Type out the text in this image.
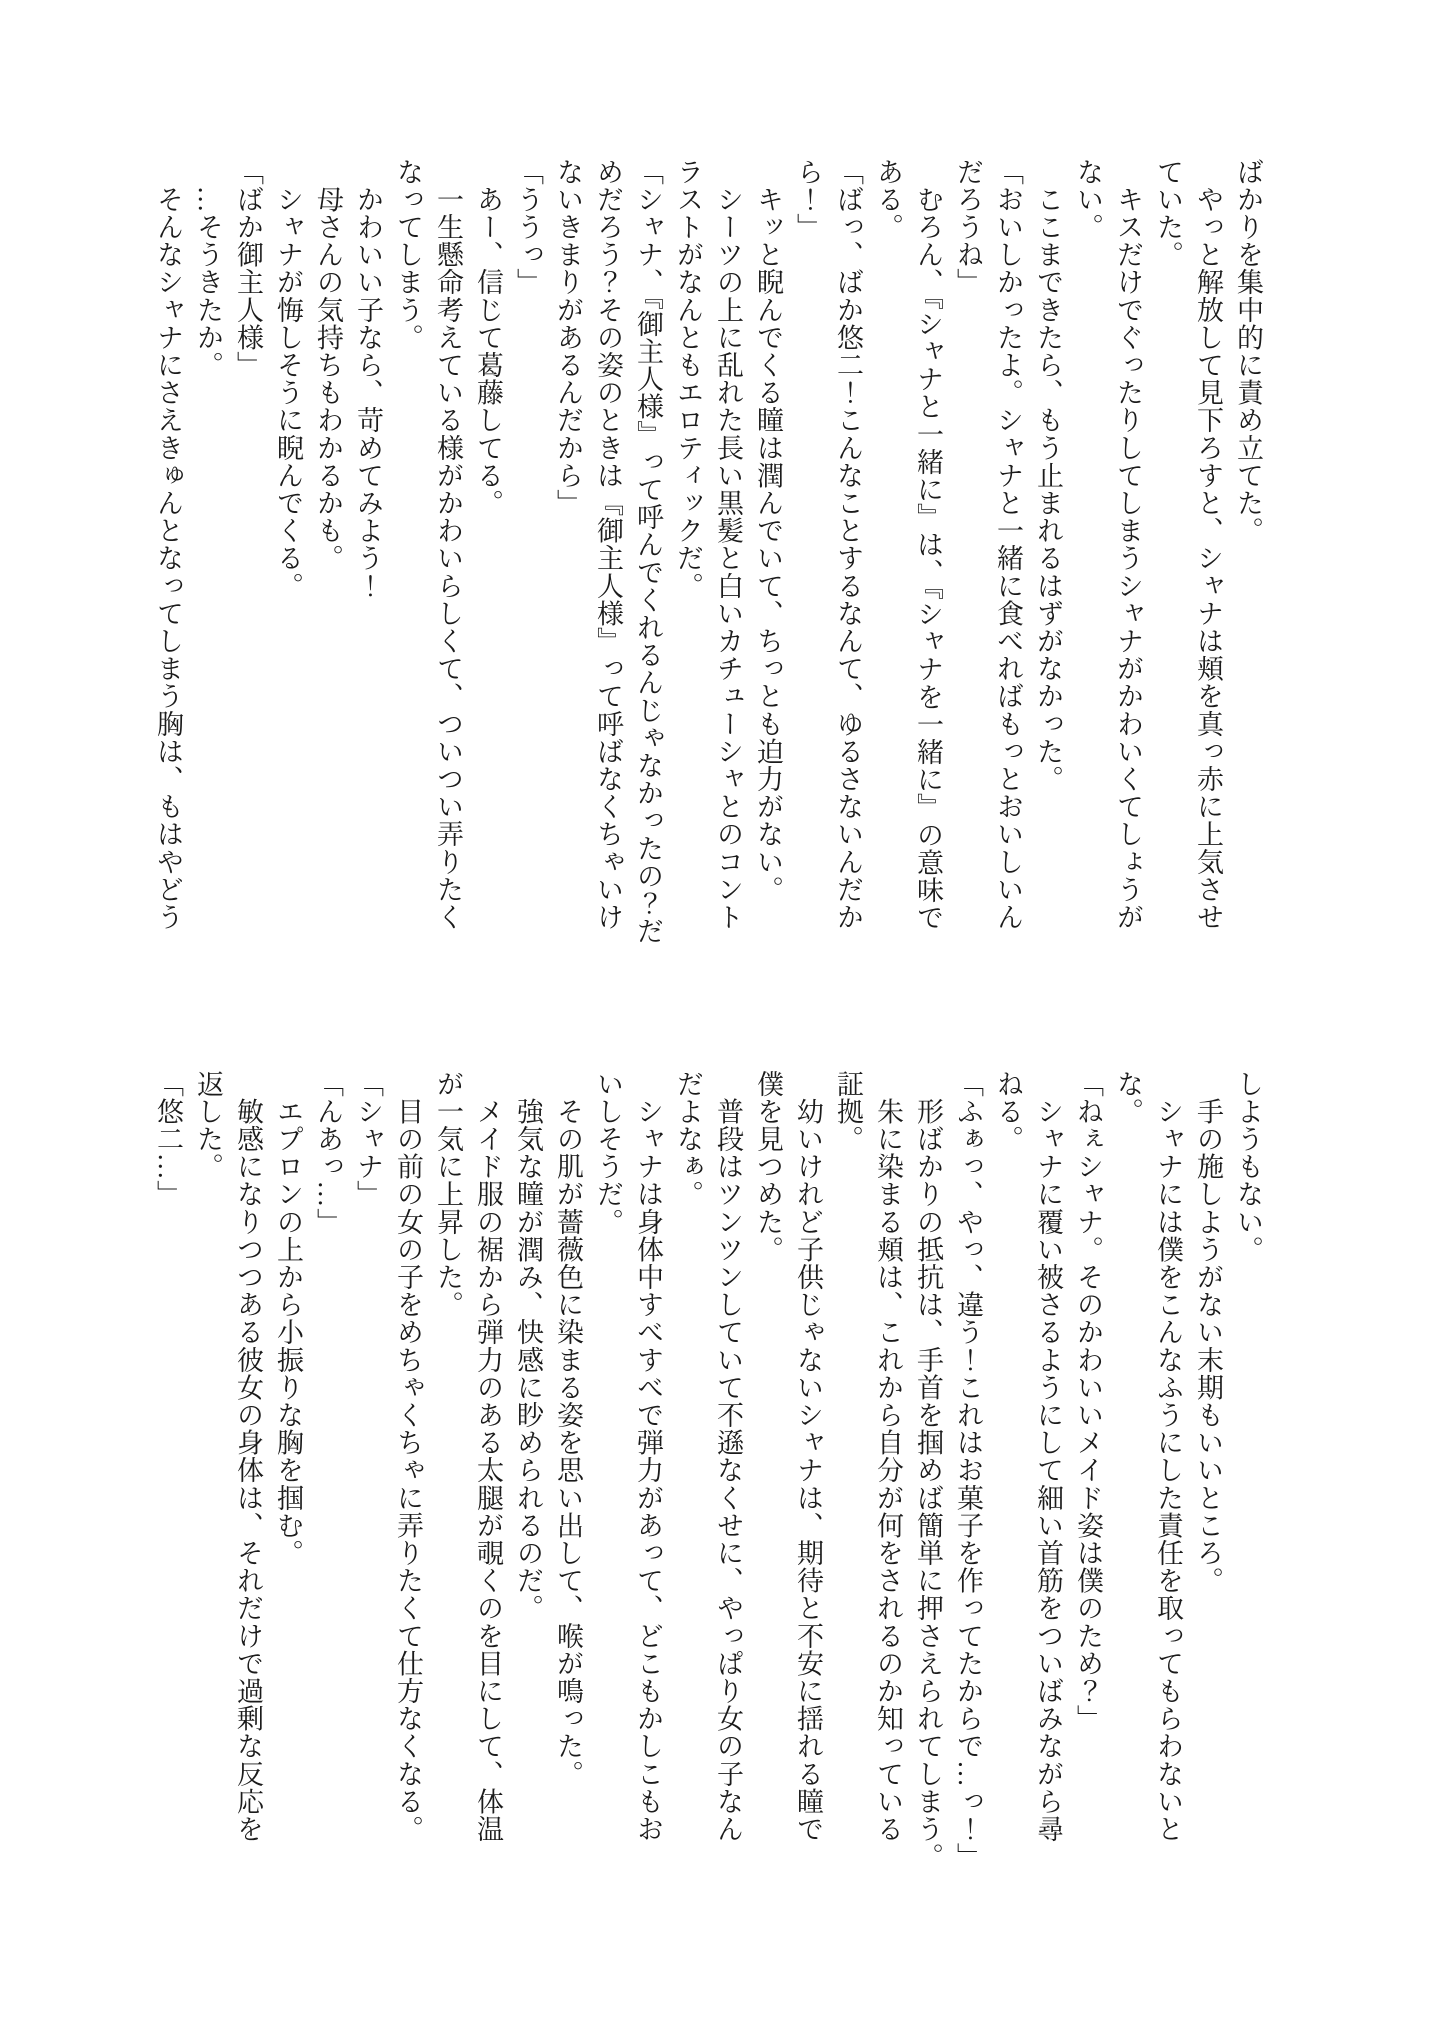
ばかりを集中的に責め立てた。

　やっと解放して見下ろすと、シャナは頬を真っ赤に上気させ

ていた。

　キスだけでぐったりしてしまうシャナがかわいくてしょうが

ない。

　ここまできたら、もう止まれるはずがなかった。

「おいしかったよ。シャナと一緒に食べればもっとおいしいん

だろうね」

　むろん、『シャナと一緒に』は、『シャナを一緒に』の意味で

ある。

「ばっ、ばか悠二！こんなことするなんて、ゆるさないんだか

ら！」

　キッと睨んでくる瞳は潤んでいて、ちっとも迫力がない。

　シーツの上に乱れた長い黒髪と白いカチューシャとのコント

ラストがなんともエロティックだ。

「シャナ、『御主人様』って呼んでくれるんじゃなかったの？だ

めだろう？その姿のときは『御主人様』って呼ばなくちゃいけ

ないきまりがあるんだから」

「ううっ」

　あー、信じて葛藤してる。

　一生懸命考えている様がかわいらしくて、ついつい弄りたく

なってしまう。

　かわいい子なら、苛めてみよう！

　母さんの気持ちもわかるかも。

　シャナが悔しそうに睨んでくる。

「ばか御主人様」

　…そうきたか。

　そんなシャナにさえきゅんとなってしまう胸は、もはやどう

しようもない。

　手の施しようがない末期もいいところ。

　シャナには僕をこんなふうにした責任を取ってもらわないと

な。

「ねぇシャナ。そのかわいいメイド姿は僕のため？」

　シャナに覆い被さるようにして細い首筋をついばみながら尋

ねる。

「ふぁっ、やっ、違う！これはお菓子を作ってたからで…っ！」

　形ばかりの抵抗は、手首を掴めば簡単に押さえられてしまう。

　朱に染まる頬は、これから自分が何をされるのか知っている

証拠。

　幼いけれど子供じゃないシャナは、期待と不安に揺れる瞳で

僕を見つめた。

　普段はツンツンしていて不遜なくせに、やっぱり女の子なん

だよなぁ。

　シャナは身体中すべすべで弾力があって、どこもかしこもお

いしそうだ。

　その肌が薔薇色に染まる姿を思い出して、喉が鳴った。

　強気な瞳が潤み、快感に眇められるのだ。

　メイド服の裾から弾力のある太腿が覗くのを目にして、体温

が一気に上昇した。

　目の前の女の子をめちゃくちゃに弄りたくて仕方なくなる。

「シャナ」

「んあっ…」

　エプロンの上から小振りな胸を掴む。

　敏感になりつつある彼女の身体は、それだけで過剰な反応を

返した。

「悠二…」
